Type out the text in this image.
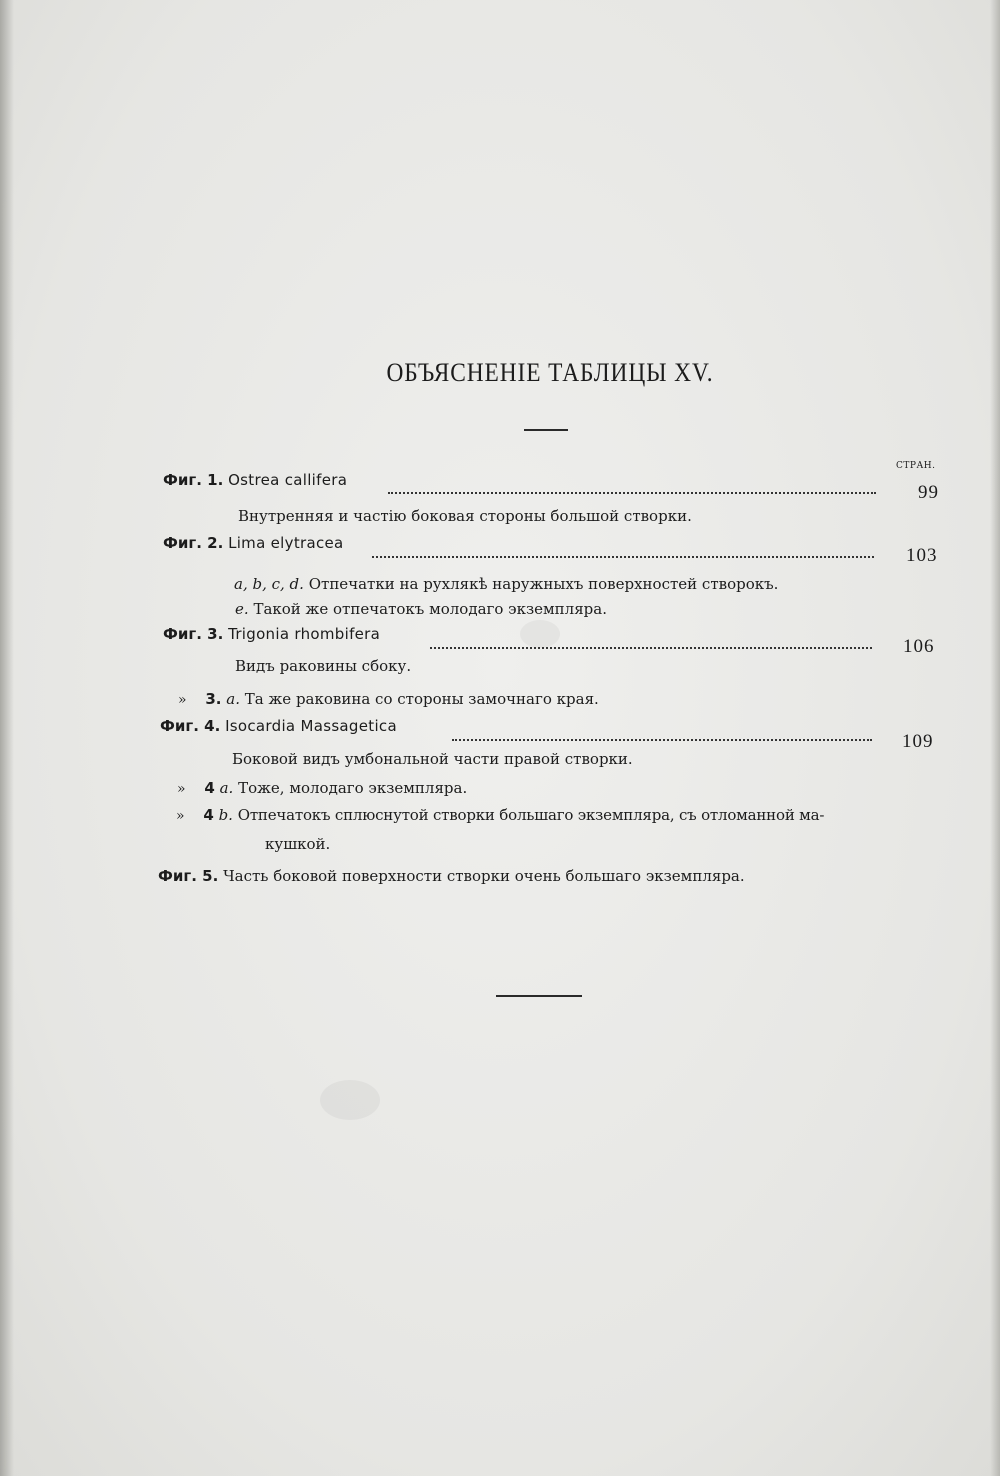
ОБЪЯСНЕНІЕ ТАБЛИЦЫ XV.
СТРАН.
Фиг. 1. Ostrea callifera
99
Внутренняя и частію боковая стороны большой створки.
Фиг. 2. Lima elytracea
103
a, b, c, d. Отпечатки на рухлякѣ наружныхъ поверхностей створокъ.
e. Такой же отпечатокъ молодаго экземпляра.
Фиг. 3. Trigonia rhombifera
106
Видъ раковины сбоку.
» 3. a. Та же раковина со стороны замочнаго края.
Фиг. 4. Isocardia Massagetica
109
Боковой видъ умбональной части правой створки.
» 4 a. Тоже, молодаго экземпляра.
» 4 b. Отпечатокъ сплюснутой створки большаго экземпляра, съ отломанной ма-
кушкой.
Фиг. 5. Часть боковой поверхности створки очень большаго экземпляра.
